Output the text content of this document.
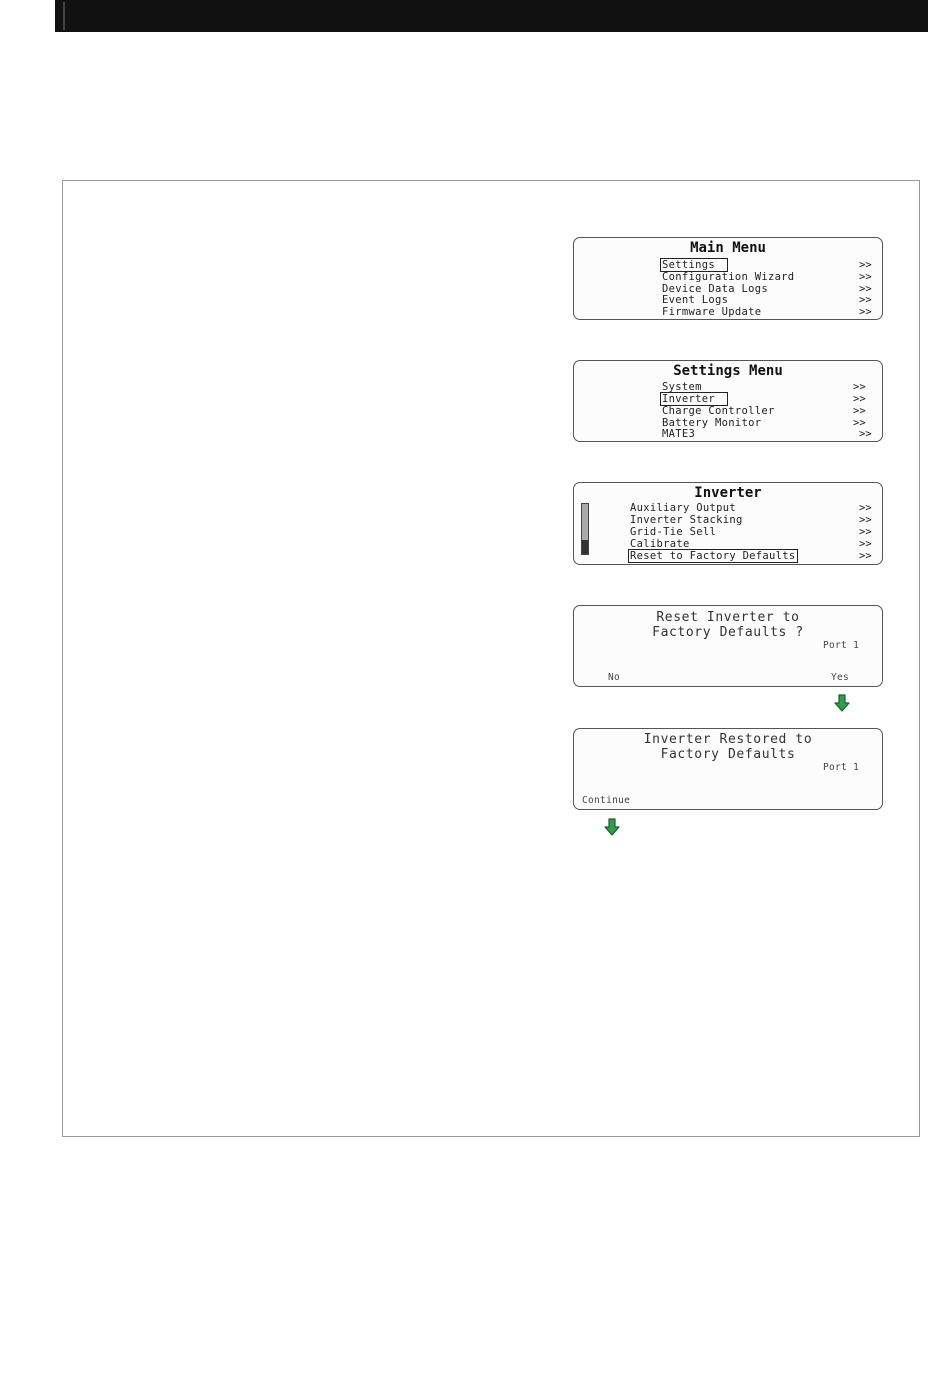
Main Menu
Settings
Configuration Wizard
Device Data Logs
Event Logs
Firmware Update
>>
>>
>>
>>
>>
Settings Menu
System
Inverter
Charge Controller
Battery Monitor
MATE3
>>
>>
>>
>>
>>
Inverter
Auxiliary Output
Inverter Stacking
Grid-Tie Sell
Calibrate
Reset to Factory Defaults
>>
>>
>>
>>
>>
Reset Inverter to
Factory Defaults ?
Port 1
No	Yes
Inverter Restored to
Factory Defaults
Port 1
Continue
